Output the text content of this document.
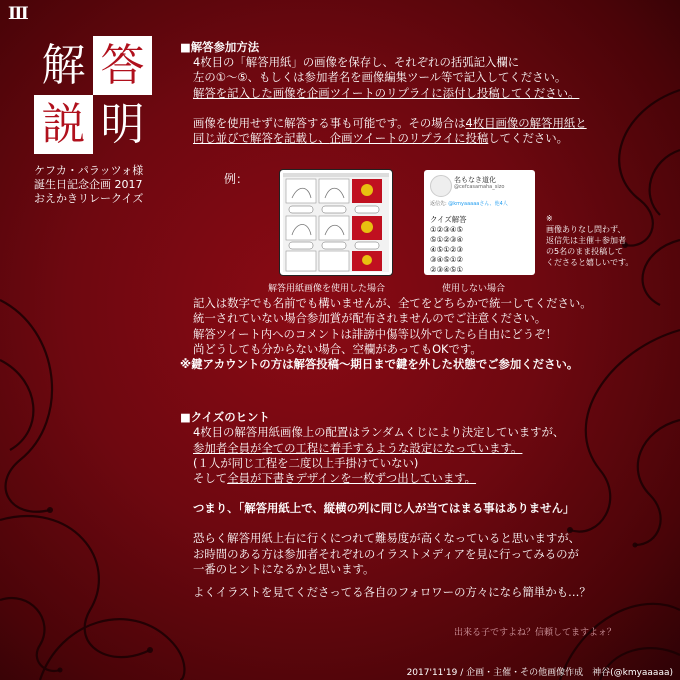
Ⅲ
解 答
説 明
ケフカ・パラッツォ様
誕生日記念企画 2017
おえかきリレークイズ
■解答参加方法
4枚目の「解答用紙」の画像を保存し、それぞれの括弧記入欄に
左の①～⑤、もしくは参加者名を画像編集ツール等で記入してください。
解答を記入した画像を企画ツイートのリプライに添付し投稿してください。
画像を使用せずに解答する事も可能です。その場合は4枚目画像の解答用紙と
同じ並びで解答を記載し、企画ツイートのリプライに投稿してください。
記入は数字でも名前でも構いませんが、全てをどちらかで統一してください。
統一されていない場合参加賞が配布されませんのでご注意ください。
解答ツイート内へのコメントは誹謗中傷等以外でしたら自由にどうぞ！
尚どうしても分からない場合、空欄があってもOKです。
※鍵アカウントの方は解答投稿～期日まで鍵を外した状態でご参加ください。
■クイズのヒント
4枚目の解答用紙画像上の配置はランダムくじにより決定していますが、
参加者全員が全ての工程に着手するような設定になっています。
(１人が同じ工程を二度以上手掛けていない)
そして全員が下書きデザインを一枚ずつ出しています。
つまり、「解答用紙上で、縦横の列に同じ人が当てはまる事はありません」
恐らく解答用紙上右に行くにつれて難易度が高くなっていると思いますが、
お時間のある方は参加者それぞれのイラストメディアを見に行ってみるのが
一番のヒントになるかと思います。
よくイラストを見てくださってる各自のフォロワーの方々になら簡単かも…？
例：
解答用紙画像を使用した場合
名もなき道化
@cefcasamaha_sizo
返信先: @kmyaaaaaさん、他4人
クイズ解答
①②③④⑤
⑤①②③④
④⑤①②③
③④⑤①②
②③④⑤①
使用しない場合
※
画像ありなし問わず、
返信先は主催＋参加者
の5名のまま投稿して
くださると嬉しいです。
出来る子ですよね？信頼してますよォ？
2017'11'19 / 企画・主催・その他画像作成　神谷(@kmyaaaaa)
